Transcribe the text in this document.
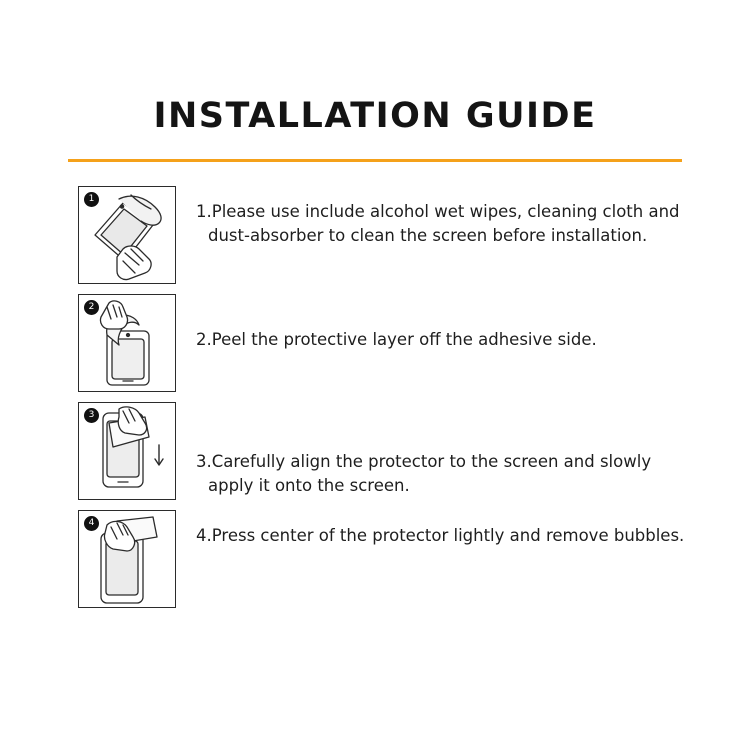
INSTALLATION GUIDE
1
1.Please use include alcohol wet wipes, cleaning cloth and dust-absorber to clean the screen before installation.
2
2.Peel the protective layer off the adhesive side.
3
3.Carefully align the protector to the screen and slowly apply it onto the screen.
4
4.Press center of the protector lightly and remove bubbles.
